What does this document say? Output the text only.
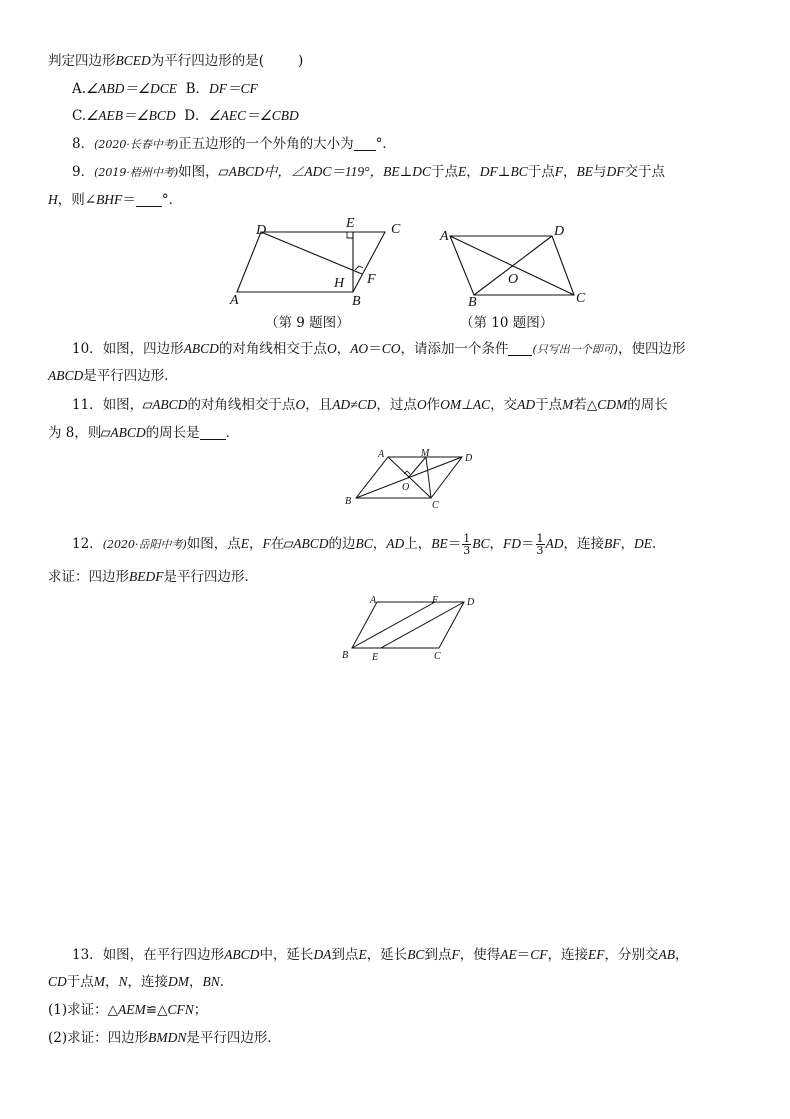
判定四边形BCED为平行四边形的是(	)
A.∠ABD＝∠DCE B．DF＝CF
C.∠AEB＝∠BCD D．∠AEC＝∠CBD
8．(2020·长春中考)正五边形的一个外角的大小为 °．
9．(2019·梧州中考)如图， ABCD中，∠ADC＝119°，BE⊥DC于点E，DF⊥BC于点F，BE与DF交于点
H，则∠BHF＝ °．
D	E	C
F
H
A	B
（第 9 题图）
A	D
O
B	C
（第 10 题图）
10．如图，四边形ABCD的对角线相交于点O，AO＝CO，请添加一个条件 (只写出一个即可)，使四边形
ABCD是平行四边形．
11．如图， ABCD的对角线相交于点O，且AD≠CD，过点O作OM⊥AC，交AD于点M若△CDM的周长
为 8，则 ABCD的周长是 ．
A	M	D
O
B	C
12．(2020·岳阳中考)如图，点E，F在 ABCD的边BC，AD上，$BE= \frac{1}{3}$ BC，$FD= \frac{1}{3}$ AD，连接BF，DE.
求证：四边形BEDF是平行四边形．
A	F	D
B E	C
13．如图，在平行四边形ABCD中，延长DA到点E，延长BC到点F，使得AE＝CF，连接EF，分别交AB，
CD于点M，N，连接DM，BN.
(1)求证：△AEM≌△CFN；
(2)求证：四边形BMDN是平行四边形．
